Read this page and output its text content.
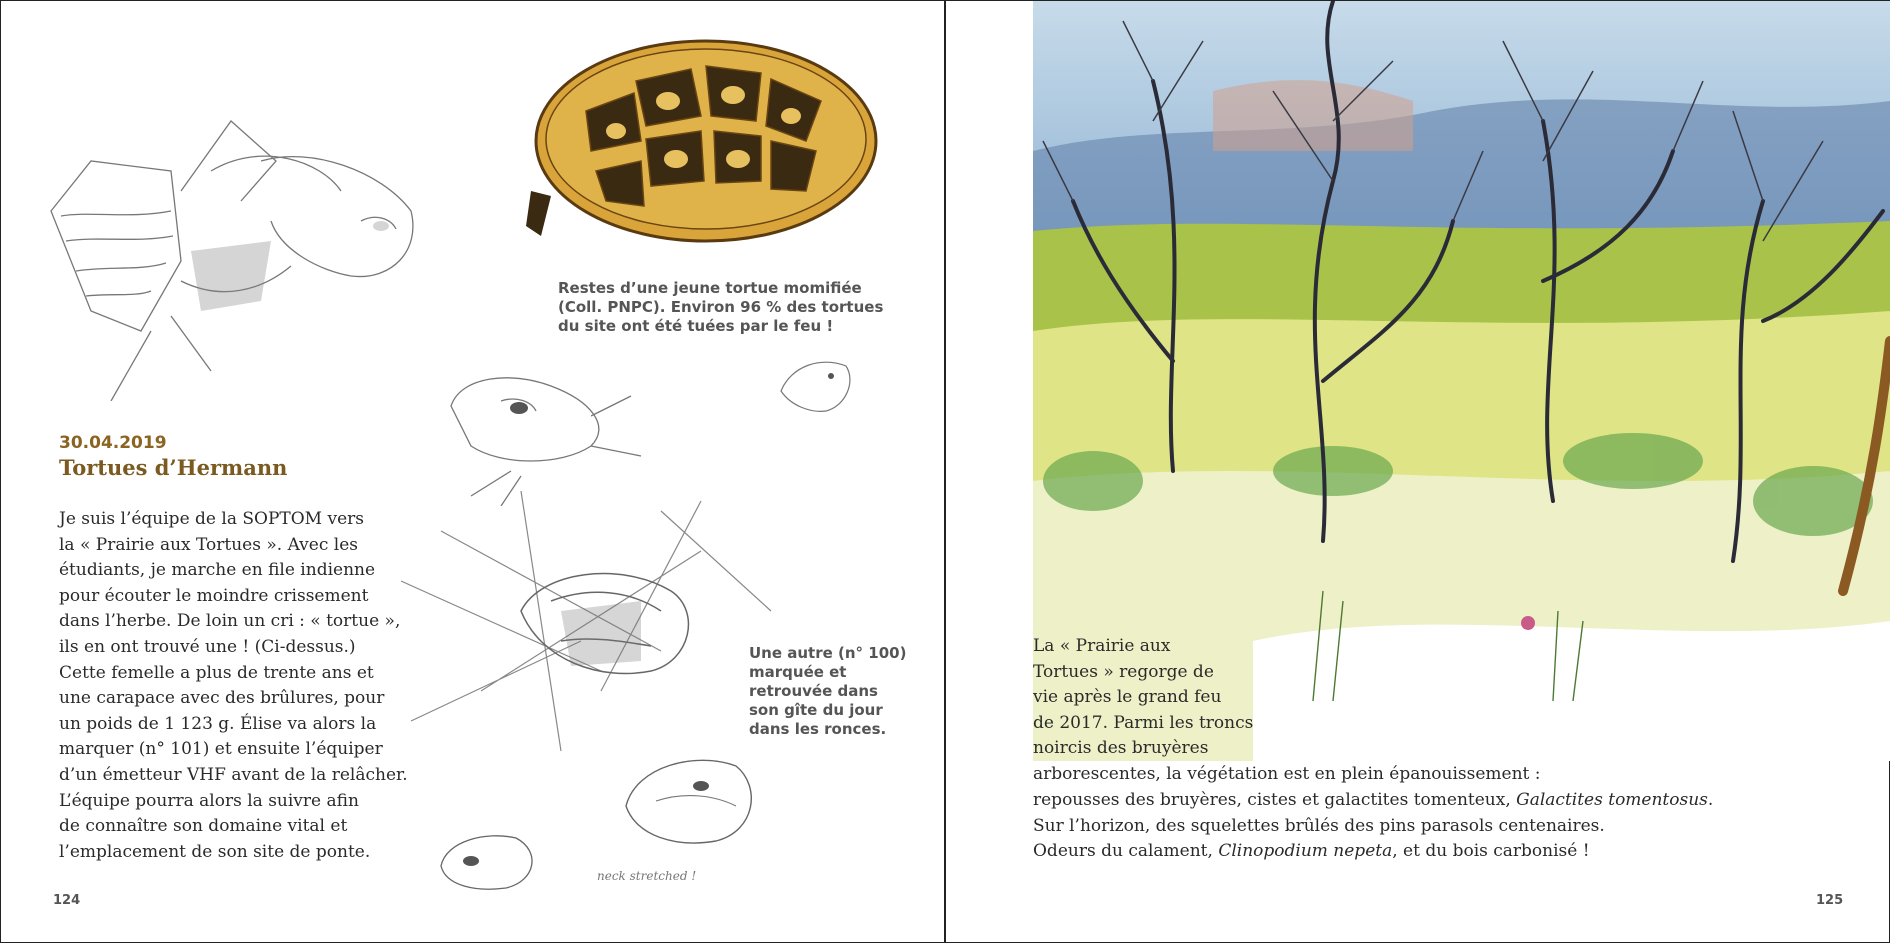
Restes d’une jeune tortue momifiée
(Coll. PNPC). Environ 96 % des tortues
du site ont été tuées par le feu !
Une autre (n° 100)
marquée et
retrouvée dans
son gîte du jour
dans les ronces.
neck stretched !
30.04.2019
Tortues d’Hermann
Je suis l’équipe de la SOPTOM vers
la « Prairie aux Tortues ». Avec les
étudiants, je marche en file indienne
pour écouter le moindre crissement
dans l’herbe. De loin un cri : « tortue »,
ils en ont trouvé une ! (Ci-dessus.)
Cette femelle a plus de trente ans et
une carapace avec des brûlures, pour
un poids de 1 123 g. Élise va alors la
marquer (n° 101) et ensuite l’équiper
d’un émetteur VHF avant de la relâcher.
L’équipe pourra alors la suivre afin
de connaître son domaine vital et
l’emplacement de son site de ponte.
124
La « Prairie aux
Tortues » regorge de
vie après le grand feu
de 2017. Parmi les troncs
noircis des bruyères
arborescentes, la végétation est en plein épanouissement :
repousses des bruyères, cistes et galactites tomenteux, Galactites tomentosus.
Sur l’horizon, des squelettes brûlés des pins parasols centenaires.
Odeurs du calament, Clinopodium nepeta, et du bois carbonisé !
125
